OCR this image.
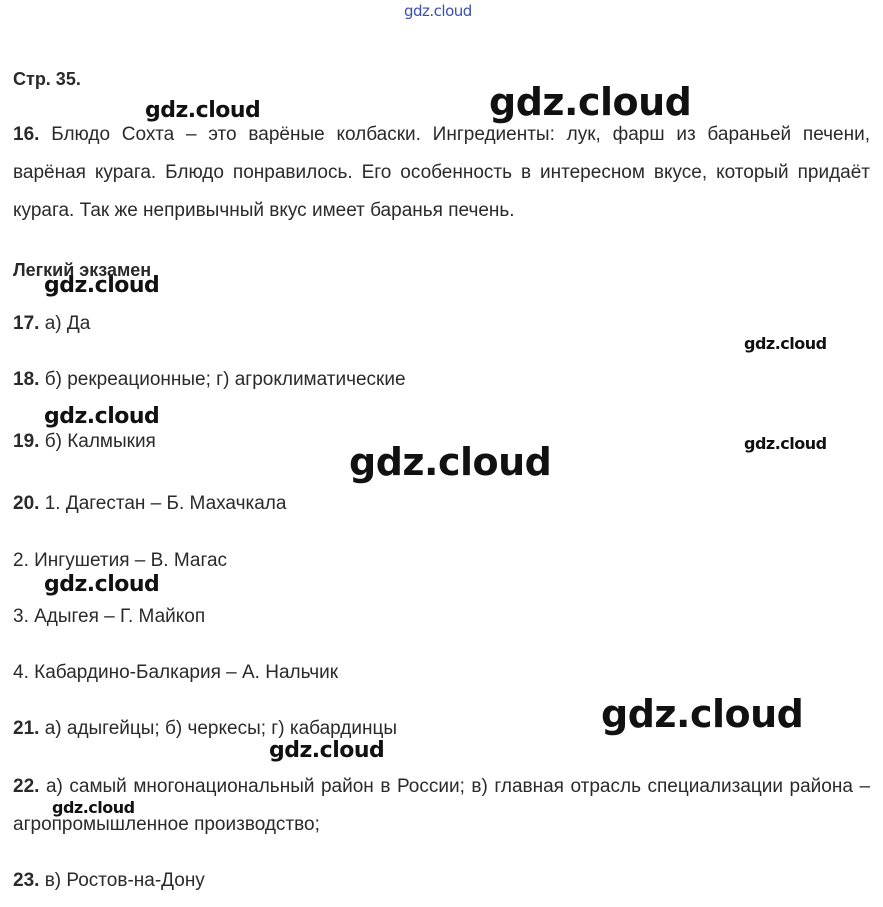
gdz.cloud
gdz.cloud	gdz.cloud
gdz.cloud
gdz.cloud
gdz.cloud
gdz.cloud
gdz.cloud
gdz.cloud
gdz.cloud
gdz.cloud
gdz.cloud
Стр. 35.
16. Блюдо Сохта – это варёные колбаски. Ингредиенты: лук, фарш из бараньей печени, варёная курага. Блюдо понравилось. Его особенность в интересном вкусе, который придаёт курага. Так же непривычный вкус имеет баранья печень.
Легкий экзамен
17. а) Да
18. б) рекреационные; г) агроклиматические
19. б) Калмыкия
20. 1. Дагестан – Б. Махачкала
2. Ингушетия – В. Магас
3. Адыгея – Г. Майкоп
4. Кабардино-Балкария – А. Нальчик
21. а) адыгейцы; б) черкесы; г) кабардинцы
22. а) самый многонациональный район в России; в) главная отрасль специализации района – агропромышленное производство;
23. в) Ростов-на-Дону
